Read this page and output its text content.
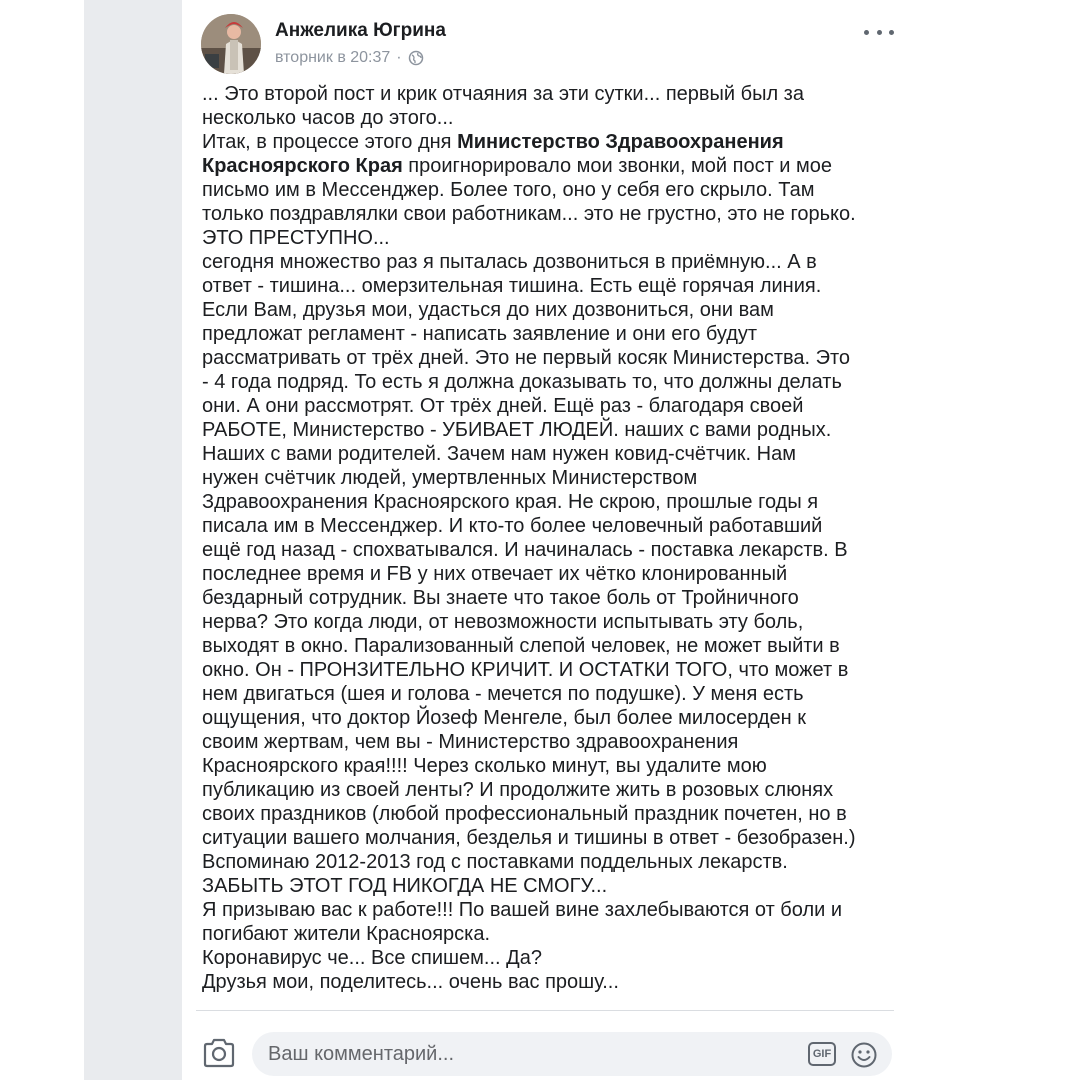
Анжелика Югрина
вторник в 20:37 ·
... Это второй пост и крик отчаяния за эти сутки... первый был за
несколько часов до этого...
Итак, в процессе этого дня Министерство Здравоохранения
Красноярского Края проигнорировало мои звонки, мой пост и мое
письмо им в Мессенджер. Более того, оно у себя его скрыло. Там
только поздравлялки свои работникам... это не грустно, это не горько.
ЭТО ПРЕСТУПНО...
сегодня множество раз я пыталась дозвониться в приёмную... А в
ответ - тишина... омерзительная тишина. Есть ещё горячая линия.
Если Вам, друзья мои, удасться до них дозвониться, они вам
предложат регламент - написать заявление и они его будут
рассматривать от трёх дней. Это не первый косяк Министерства. Это
- 4 года подряд. То есть я должна доказывать то, что должны делать
они. А они рассмотрят. От трёх дней. Ещё раз - благодаря своей
РАБОТЕ, Министерство - УБИВАЕТ ЛЮДЕЙ. наших с вами родных.
Наших с вами родителей. Зачем нам нужен ковид-счётчик. Нам
нужен счётчик людей, умертвленных Министерством
Здравоохранения Красноярского края. Не скрою, прошлые годы я
писала им в Мессенджер. И кто-то более человечный работавший
ещё год назад - спохватывался. И начиналась - поставка лекарств. В
последнее время и FB у них отвечает их чётко клонированный
бездарный сотрудник. Вы знаете что такое боль от Тройничного
нерва? Это когда люди, от невозможности испытывать эту боль,
выходят в окно. Парализованный слепой человек, не может выйти в
окно. Он - ПРОНЗИТЕЛЬНО КРИЧИТ. И ОСТАТКИ ТОГО, что может в
нем двигаться (шея и голова - мечется по подушке). У меня есть
ощущения, что доктор Йозеф Менгеле, был более милосерден к
своим жертвам, чем вы - Министерство здравоохранения
Красноярского края!!!! Через сколько минут, вы удалите мою
публикацию из своей ленты? И продолжите жить в розовых слюнях
своих праздников (любой профессиональный праздник почетен, но в
ситуации вашего молчания, безделья и тишины в ответ - безобразен.)
Вспоминаю 2012-2013 год с поставками поддельных лекарств.
ЗАБЫТЬ ЭТОТ ГОД НИКОГДА НЕ СМОГУ...
Я призываю вас к работе!!! По вашей вине захлебываются от боли и
погибают жители Красноярска.
Коронавирус че... Все спишем... Да?
Друзья мои, поделитесь... очень вас прошу...
Ваш комментарий...
GIF
